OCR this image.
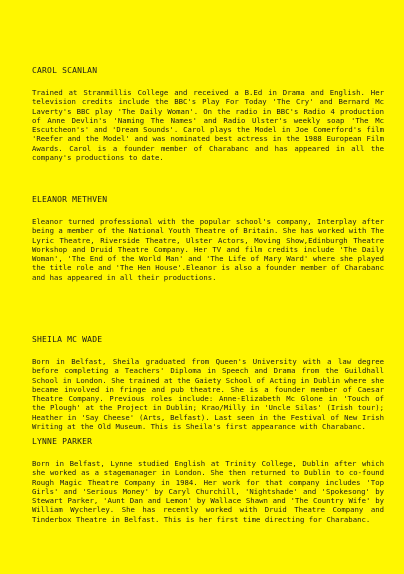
CAROL SCANLAN

Trained at Stranmillis College and received a B.Ed in Drama and English. Her television credits include the BBC's Play For Today 'The Cry' and Bernard Mc Laverty's BBC play 'The Daily Woman'. On the radio in BBC's Radio 4 production of Anne Devlin's 'Naming The Names' and Radio Ulster's weekly soap 'The Mc Escutcheon's' and 'Dream Sounds'. Carol plays the Model in Joe Comerford's film 'Reefer and the Model' and was nominated best actress in the 1988 European Film Awards. Carol is a founder member of Charabanc and has appeared in all the company's productions to date.

ELEANOR METHVEN

Eleanor turned professional with the popular school's company, Interplay after being a member of the National Youth Theatre of Britain. She has worked with The Lyric Theatre, Riverside Theatre, Ulster Actors, Moving Show,Edinburgh Theatre Workshop and Druid Theatre Company. Her TV and film credits include 'The Daily Woman', 'The End of the World Man' and 'The Life of Mary Ward' where she played the title role and 'The Hen House'.Eleanor is also a founder member of Charabanc and has appeared in all their productions.

SHEILA MC WADE

Born in Belfast, Sheila graduated from Queen's University with a law degree before completing a Teachers' Diploma in Speech and Drama from the Guildhall School in London. She trained at the Gaiety School of Acting in Dublin where she became involved in fringe and pub theatre. She is a founder member of Caesar Theatre Company. Previous roles include: Anne-Elizabeth Mc Glone in 'Touch of the Plough' at the Project in Dublin; Krao/Milly in 'Uncle Silas' (Irish tour); Heather in 'Say Cheese' (Arts, Belfast). Last seen in the Festival of New Irish Writing at the Old Museum. This is Sheila's first appearance with Charabanc.

LYNNE PARKER

Born in Belfast, Lynne studied English at Trinity College, Dublin after which she worked as a stagemanager in London. She then returned to Dublin to co-found Rough Magic Theatre Company in 1984. Her work for that company includes 'Top Girls' and 'Serious Money' by Caryl Churchill, 'Nightshade' and 'Spokesong' by Stewart Parker, 'Aunt Dan and Lemon' by Wallace Shawn and 'The Country Wife' by William Wycherley. She has recently worked with Druid Theatre Company and Tinderbox Theatre in Belfast. This is her first time directing for Charabanc.
